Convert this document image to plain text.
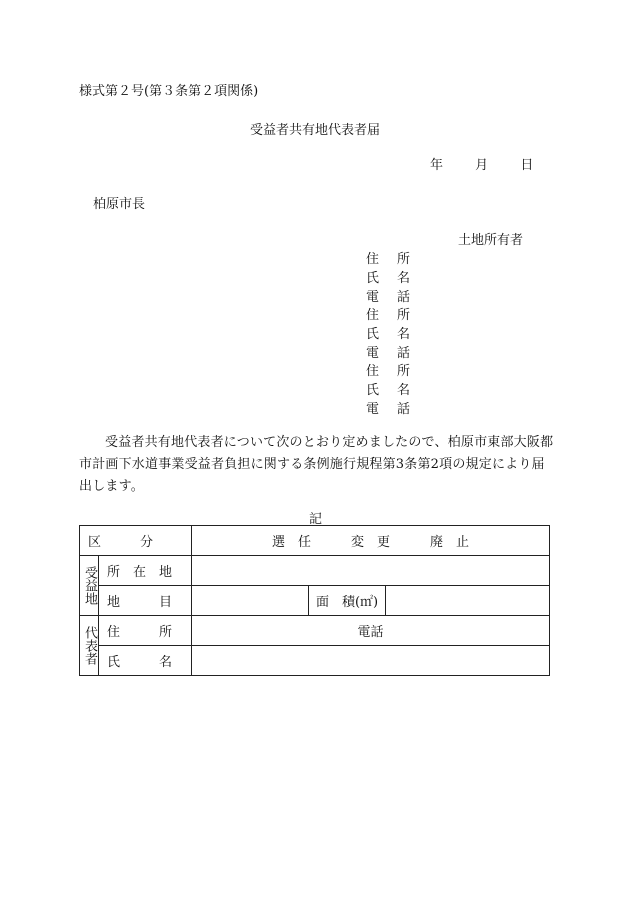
様式第２号(第３条第２項関係)
受益者共有地代表者届
年 月 日
柏原市長
土地所有者
住　所
氏　名
電　話
住　所
氏　名
電　話
住　所
氏　名
電　話
受益者共有地代表者について次のとおり定めましたので、柏原市東部大阪都市計画下水道事業受益者負担に関する条例施行規程第3条第2項の規定により届出します。
記
区　　　分		選　任 変　更 廃　止		

受益地	所　在　地			

	地　　　目		面　積(㎡)	

代表者	住　　　所	電話		

	氏　　　名			
